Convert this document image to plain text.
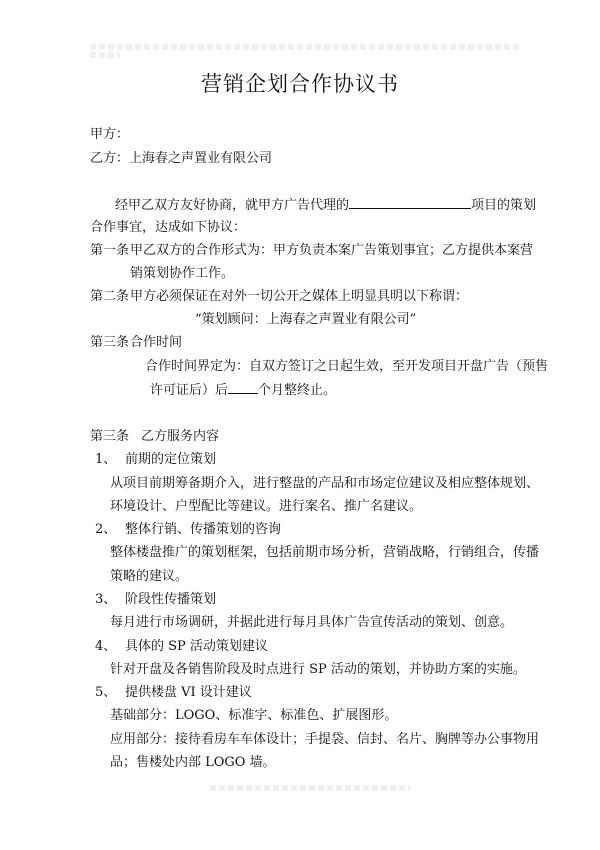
营销企划合作协议书
甲方：
乙方：上海春之声置业有限公司
经甲乙双方友好协商，就甲方广告代理的	项目的策划
合作事宜，达成如下协议：
第一条 甲乙双方的合作形式为：甲方负责本案广告策划事宜；乙方提供本案营
销策划协作工作。
第二条 甲方必须保证在对外一切公开之媒体上明显具明以下称谓：
“策划顾问：上海春之声置业有限公司”
第三条 合作时间
合作时间界定为：自双方签订之日起生效，至开发项目开盘广告（预售
许可证后）后 个月整终止。
第三条 乙方服务内容
1、 前期的定位策划
从项目前期筹备期介入，进行整盘的产品和市场定位建议及相应整体规划、
环境设计、户型配比等建议。进行案名、推广名建议。
2、 整体行销、传播策划的咨询
整体楼盘推广的策划框架，包括前期市场分析，营销战略，行销组合，传播
策略的建议。
3、 阶段性传播策划
每月进行市场调研，并据此进行每月具体广告宣传活动的策划、创意。
4、 具体的 SP 活动策划建议
针对开盘及各销售阶段及时点进行 SP 活动的策划，并协助方案的实施。
5、 提供楼盘 VI 设计建议
基础部分：LOGO、标准字、标准色、扩展图形。
应用部分：接待看房车车体设计；手提袋、信封、名片、胸牌等办公事物用
品；售楼处内部 LOGO 墙。
